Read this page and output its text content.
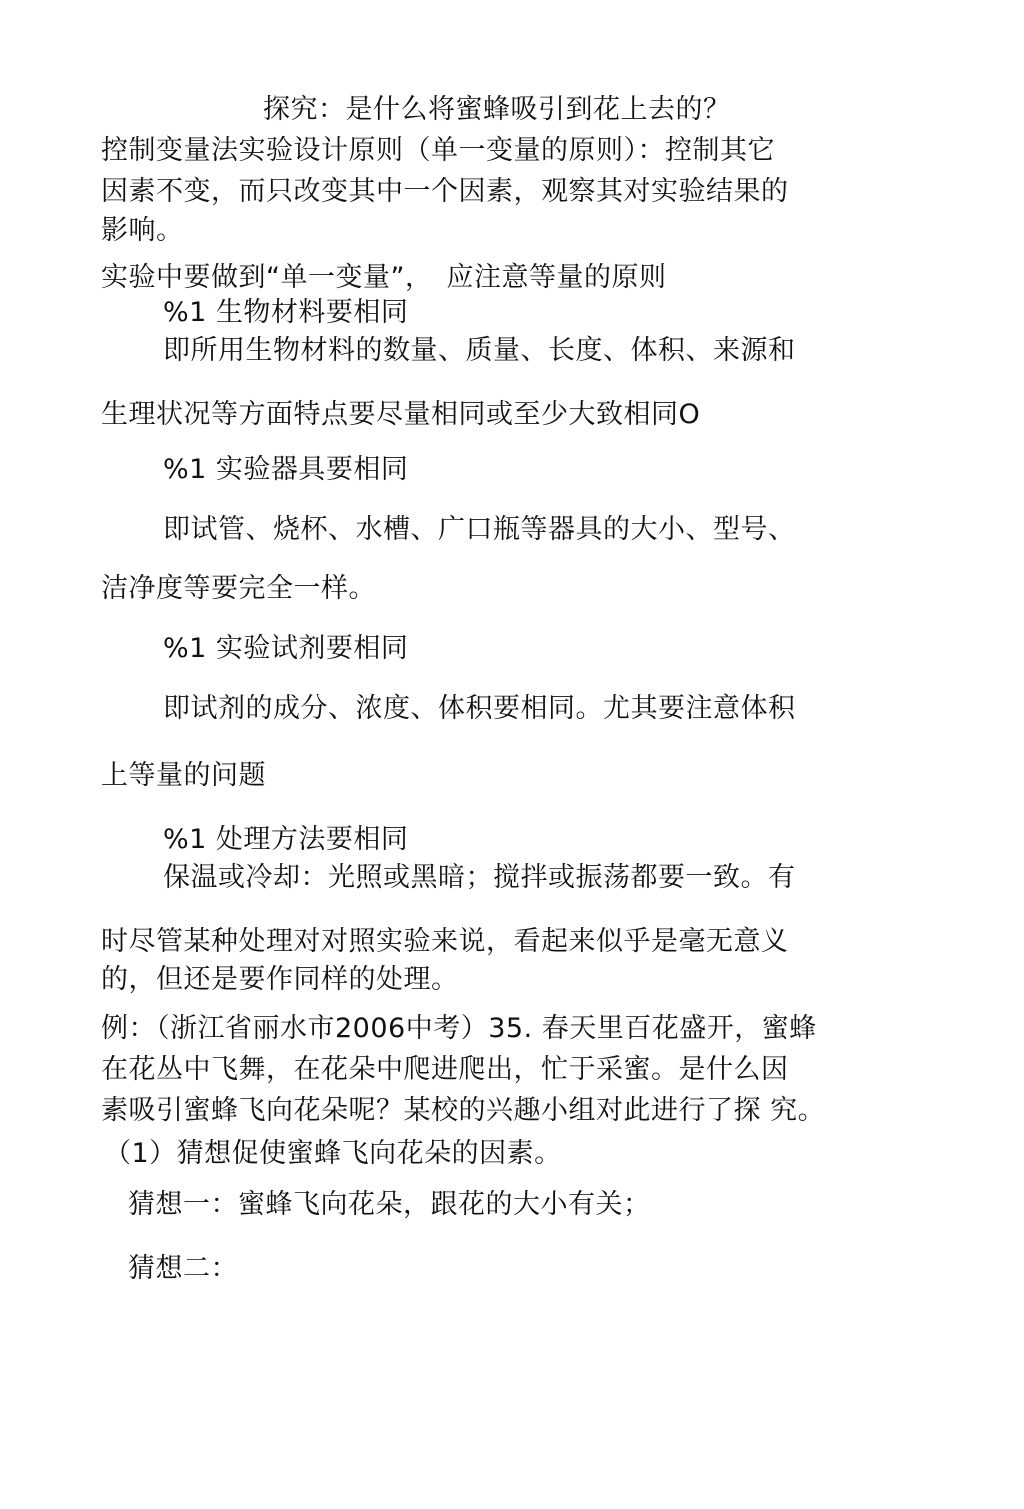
探究：是什么将蜜蜂吸引到花上去的？
控制变量法实验设计原则（单一变量的原则）：控制其它
因素不变，而只改变其中一个因素，观察其对实验结果的
影响。
实验中要做到“单一变量”，　应注意等量的原则
%1 生物材料要相同
即所用生物材料的数量、质量、长度、体积、来源和
生理状况等方面特点要尽量相同或至少大致相同O
%1 实验器具要相同
即试管、烧杯、水槽、广口瓶等器具的大小、型号、
洁净度等要完全一样。
%1 实验试剂要相同
即试剂的成分、浓度、体积要相同。尤其要注意体积
上等量的问题
%1 处理方法要相同
保温或冷却：光照或黑暗；搅拌或振荡都要一致。有
时尽管某种处理对对照实验来说，看起来似乎是毫无意义
的，但还是要作同样的处理。
例：（浙江省丽水市2006中考）35. 春天里百花盛开，蜜蜂
在花丛中飞舞，在花朵中爬进爬出，忙于采蜜。是什么因
素吸引蜜蜂飞向花朵呢？某校的兴趣小组对此进行了探 究。
（1）猜想促使蜜蜂飞向花朵的因素。
猜想一：蜜蜂飞向花朵，跟花的大小有关；
猜想二：
